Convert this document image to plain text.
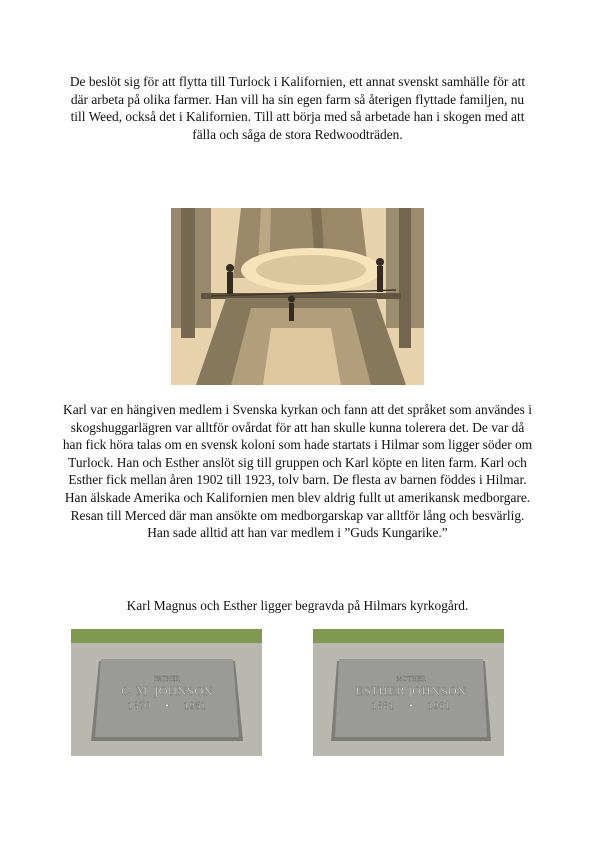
De beslöt sig för att flytta till Turlock i Kalifornien, ett annat svenskt samhälle för att där arbeta på olika farmer. Han vill ha sin egen farm så återigen flyttade familjen, nu till Weed, också det i Kalifornien. Till att börja med så arbetade han i skogen med att fälla och såga de stora Redwoodträden.

Karl var en hängiven medlem i Svenska kyrkan och fann att det språket som användes i skogshuggarlägren var alltför ovårdat för att han skulle kunna tolerera det. De var då han fick höra talas om en svensk koloni som hade startats i Hilmar som ligger söder om Turlock. Han och Esther anslöt sig till gruppen och Karl köpte en liten farm. Karl och Esther fick mellan åren 1902 till 1923, tolv barn. De flesta av barnen föddes i Hilmar. Han älskade Amerika och Kalifornien men blev aldrig fullt ut amerikansk medborgare. Resan till Merced där man ansökte om medborgarskap var alltför lång och besvärlig. Han sade alltid att han var medlem i ”Guds Kungarike.”

Karl Magnus och Esther ligger begravda på Hilmars kyrkogård.

FATHER
C. M. JOHNSON
1870 • 1951
MOTHER
ESTHER JOHNSON
1881 • 1961
